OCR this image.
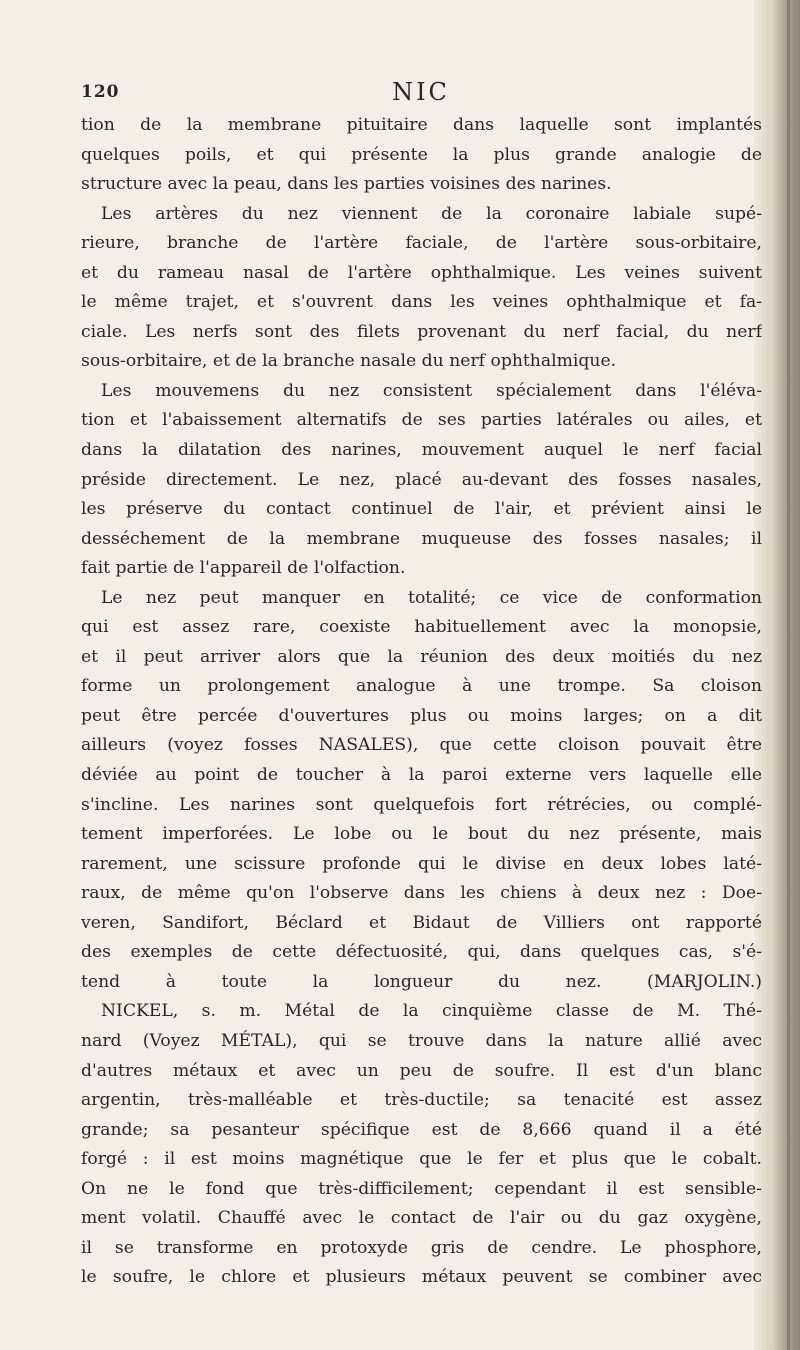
120	NIC
tion de la membrane pituitaire dans laquelle sont implantés
quelques poils, et qui présente la plus grande analogie de
structure avec la peau, dans les parties voisines des narines.
Les artères du nez viennent de la coronaire labiale supé-
rieure, branche de l'artère faciale, de l'artère sous-orbitaire,
et du rameau nasal de l'artère ophthalmique. Les veines suivent
le même trajet, et s'ouvrent dans les veines ophthalmique et fa-
ciale. Les nerfs sont des filets provenant du nerf facial, du nerf
sous-orbitaire, et de la branche nasale du nerf ophthalmique.
Les mouvemens du nez consistent spécialement dans l'éléva-
tion et l'abaissement alternatifs de ses parties latérales ou ailes, et
dans la dilatation des narines, mouvement auquel le nerf facial
préside directement. Le nez, placé au-devant des fosses nasales,
les préserve du contact continuel de l'air, et prévient ainsi le
desséchement de la membrane muqueuse des fosses nasales; il
fait partie de l'appareil de l'olfaction.
Le nez peut manquer en totalité; ce vice de conformation
qui est assez rare, coexiste habituellement avec la monopsie,
et il peut arriver alors que la réunion des deux moitiés du nez
forme un prolongement analogue à une trompe. Sa cloison
peut être percée d'ouvertures plus ou moins larges; on a dit
ailleurs (voyez fosses NASALES), que cette cloison pouvait être
déviée au point de toucher à la paroi externe vers laquelle elle
s'incline. Les narines sont quelquefois fort rétrécies, ou complé-
tement imperforées. Le lobe ou le bout du nez présente, mais
rarement, une scissure profonde qui le divise en deux lobes laté-
raux, de même qu'on l'observe dans les chiens à deux nez : Doe-
veren, Sandifort, Béclard et Bidaut de Villiers ont rapporté
des exemples de cette défectuosité, qui, dans quelques cas, s'é-
tend à toute la longueur du nez. (MARJOLIN.)
NICKEL, s. m. Métal de la cinquième classe de M. Thé-
nard (Voyez MÉTAL), qui se trouve dans la nature allié avec
d'autres métaux et avec un peu de soufre. Il est d'un blanc
argentin, très-malléable et très-ductile; sa tenacité est assez
grande; sa pesanteur spécifique est de 8,666 quand il a été
forgé : il est moins magnétique que le fer et plus que le cobalt.
On ne le fond que très-difficilement; cependant il est sensible-
ment volatil. Chauffé avec le contact de l'air ou du gaz oxygène,
il se transforme en protoxyde gris de cendre. Le phosphore,
le soufre, le chlore et plusieurs métaux peuvent se combiner avec
